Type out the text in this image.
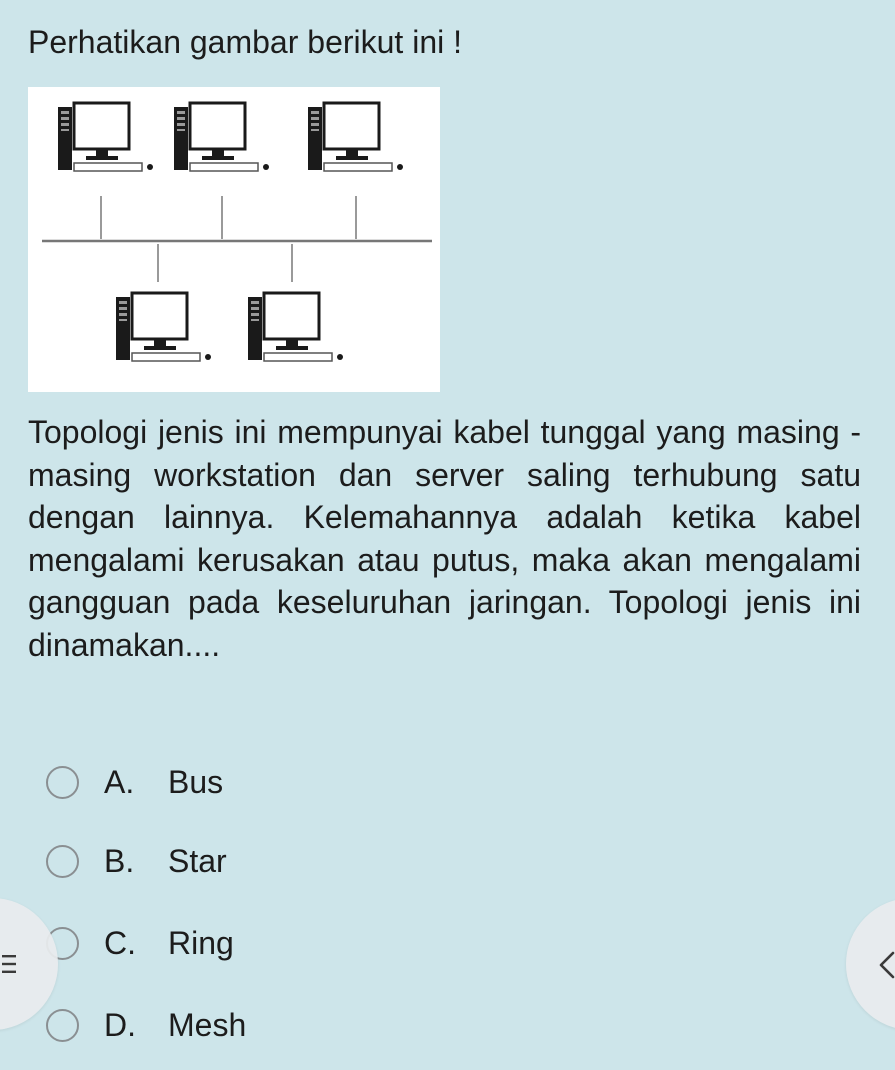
Perhatikan gambar berikut ini !

Topologi jenis ini mempunyai kabel tunggal yang masing - masing workstation dan server saling terhubung satu dengan lainnya. Kelemahannya adalah ketika kabel mengalami kerusakan atau putus, maka akan mengalami gangguan pada keseluruhan jaringan. Topologi jenis ini dinamakan....

A.	Bus
B.	Star
C.	Ring
D.	Mesh
